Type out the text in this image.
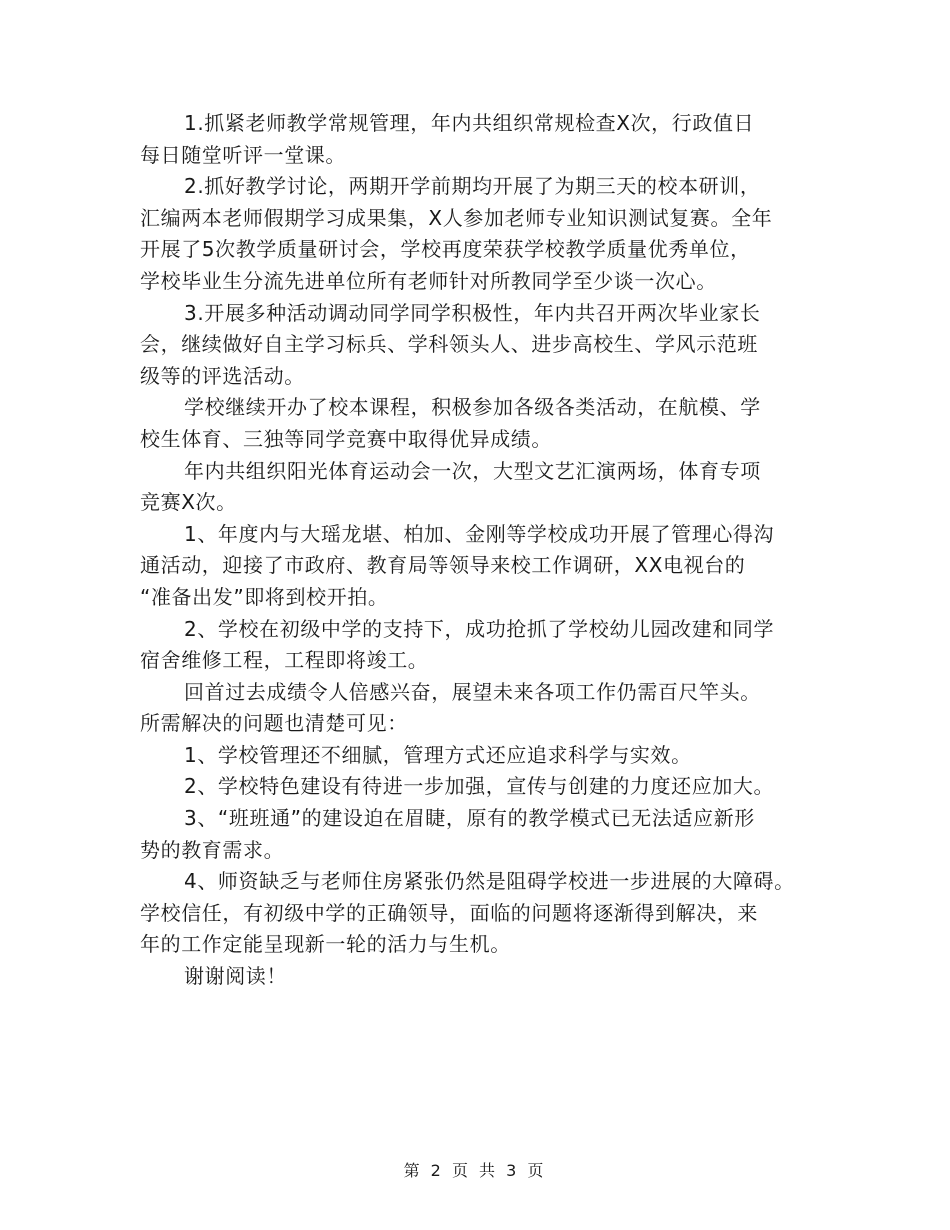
1.抓紧老师教学常规管理，年内共组织常规检查X次，行政值日
每日随堂听评一堂课。
2.抓好教学讨论，两期开学前期均开展了为期三天的校本研训，
汇编两本老师假期学习成果集，X人参加老师专业知识测试复赛。全年
开展了5次教学质量研讨会，学校再度荣获学校教学质量优秀单位，
学校毕业生分流先进单位所有老师针对所教同学至少谈一次心。
3.开展多种活动调动同学同学积极性，年内共召开两次毕业家长
会，继续做好自主学习标兵、学科领头人、进步高校生、学风示范班
级等的评选活动。
学校继续开办了校本课程，积极参加各级各类活动，在航模、学
校生体育、三独等同学竞赛中取得优异成绩。
年内共组织阳光体育运动会一次，大型文艺汇演两场，体育专项
竞赛X次。
1、年度内与大瑶龙堪、柏加、金刚等学校成功开展了管理心得沟
通活动，迎接了市政府、教育局等领导来校工作调研，XX电视台的
“准备出发”即将到校开拍。
2、学校在初级中学的支持下，成功抢抓了学校幼儿园改建和同学
宿舍维修工程，工程即将竣工。
回首过去成绩令人倍感兴奋，展望未来各项工作仍需百尺竿头。
所需解决的问题也清楚可见：
1、学校管理还不细腻，管理方式还应追求科学与实效。
2、学校特色建设有待进一步加强，宣传与创建的力度还应加大。
3、“班班通”的建设迫在眉睫，原有的教学模式已无法适应新形
势的教育需求。
4、师资缺乏与老师住房紧张仍然是阻碍学校进一步进展的大障碍。
学校信任，有初级中学的正确领导，面临的问题将逐渐得到解决，来
年的工作定能呈现新一轮的活力与生机。
谢谢阅读！
第 2 页 共 3 页
